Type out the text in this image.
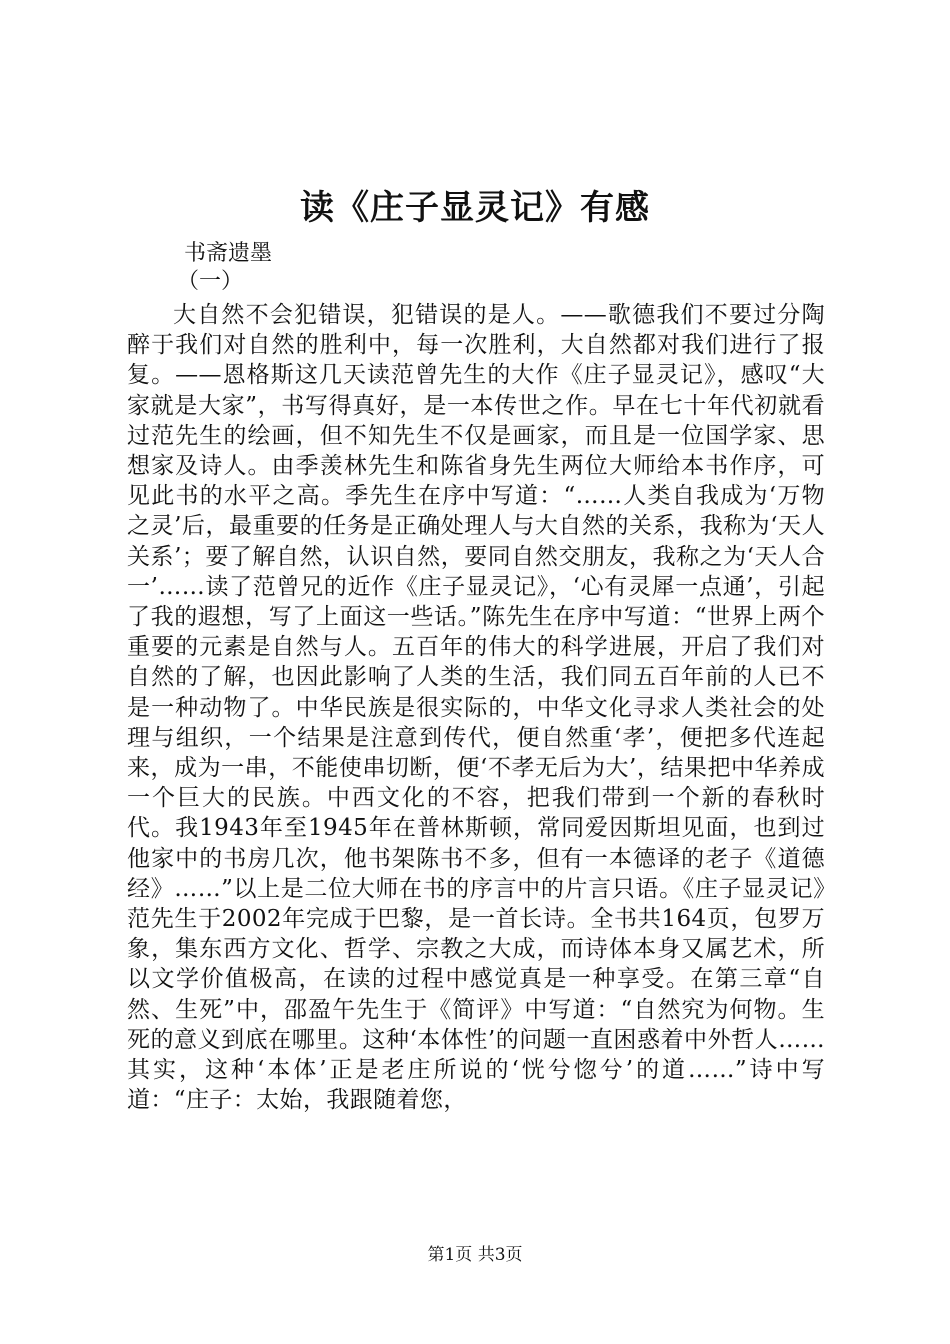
读《庄子显灵记》有感
书斋遗墨
（一）
大自然不会犯错误，犯错误的是人。——歌德我们不要过分陶醉于我们对自然的胜利中，每一次胜利，大自然都对我们进行了报复。——恩格斯这几天读范曾先生的大作《庄子显灵记》，感叹“大家就是大家”，书写得真好，是一本传世之作。早在七十年代初就看过范先生的绘画，但不知先生不仅是画家，而且是一位国学家、思想家及诗人。由季羡林先生和陈省身先生两位大师给本书作序，可见此书的水平之高。季先生在序中写道：“……人类自我成为‘万物之灵’后，最重要的任务是正确处理人与大自然的关系，我称为‘天人关系’；要了解自然，认识自然，要同自然交朋友，我称之为‘天人合一’……读了范曾兄的近作《庄子显灵记》，‘心有灵犀一点通’，引起了我的遐想，写了上面这一些话。”陈先生在序中写道：“世界上两个重要的元素是自然与人。五百年的伟大的科学进展，开启了我们对自然的了解，也因此影响了人类的生活，我们同五百年前的人已不是一种动物了。中华民族是很实际的，中华文化寻求人类社会的处理与组织，一个结果是注意到传代，便自然重‘孝’，便把多代连起来，成为一串，不能使串切断，便‘不孝无后为大’，结果把中华养成一个巨大的民族。中西文化的不容，把我们带到一个新的春秋时代。我1943年至1945年在普林斯顿，常同爱因斯坦见面，也到过他家中的书房几次，他书架陈书不多，但有一本德译的老子《道德经》……”以上是二位大师在书的序言中的片言只语。《庄子显灵记》范先生于2002年完成于巴黎，是一首长诗。全书共164页，包罗万象，集东西方文化、哲学、宗教之大成，而诗体本身又属艺术，所以文学价值极高，在读的过程中感觉真是一种享受。在第三章“自然、生死”中，邵盈午先生于《简评》中写道：“自然究为何物。生死的意义到底在哪里。这种‘本体性’的问题一直困惑着中外哲人……其实，这种‘本体’正是老庄所说的‘恍兮惚兮’的道……”诗中写道：“庄子：太始，我跟随着您，
第1页 共3页
